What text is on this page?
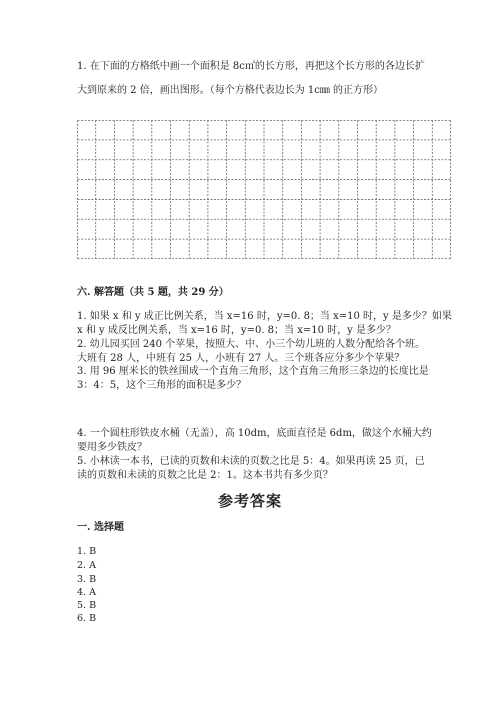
1. 在下面的方格纸中画一个面积是 8c㎡的长方形，再把这个长方形的各边长扩
大到原来的 2 倍，画出图形。（每个方格代表边长为 1c㎜ 的正方形）
六. 解答题（共 5 题，共 29 分）
1. 如果 x 和 y 成正比例关系，当 x=16 时，y=0. 8；当 x=10 时，y 是多少？如果
x 和 y 成反比例关系，当 x=16 时，y=0. 8；当 x=10 时，y 是多少？
2. 幼儿园买回 240 个苹果，按照大、中、小三个幼儿班的人数分配给各个班。
大班有 28 人，中班有 25 人，小班有 27 人。三个班各应分多少个苹果？
3. 用 96 厘米长的铁丝围成一个直角三角形，这个直角三角形三条边的长度比是
3：4：5，这个三角形的面积是多少？
4. 一个圆柱形铁皮水桶（无盖），高 10dm，底面直径是 6dm，做这个水桶大约
要用多少铁皮？
5. 小林读一本书，已读的页数和未读的页数之比是 5：4。如果再读 25 页，已
读的页数和未读的页数之比是 2：1。这本书共有多少页？
参考答案
一. 选择题
1. B
2. A
3. B
4. A
5. B
6. B
